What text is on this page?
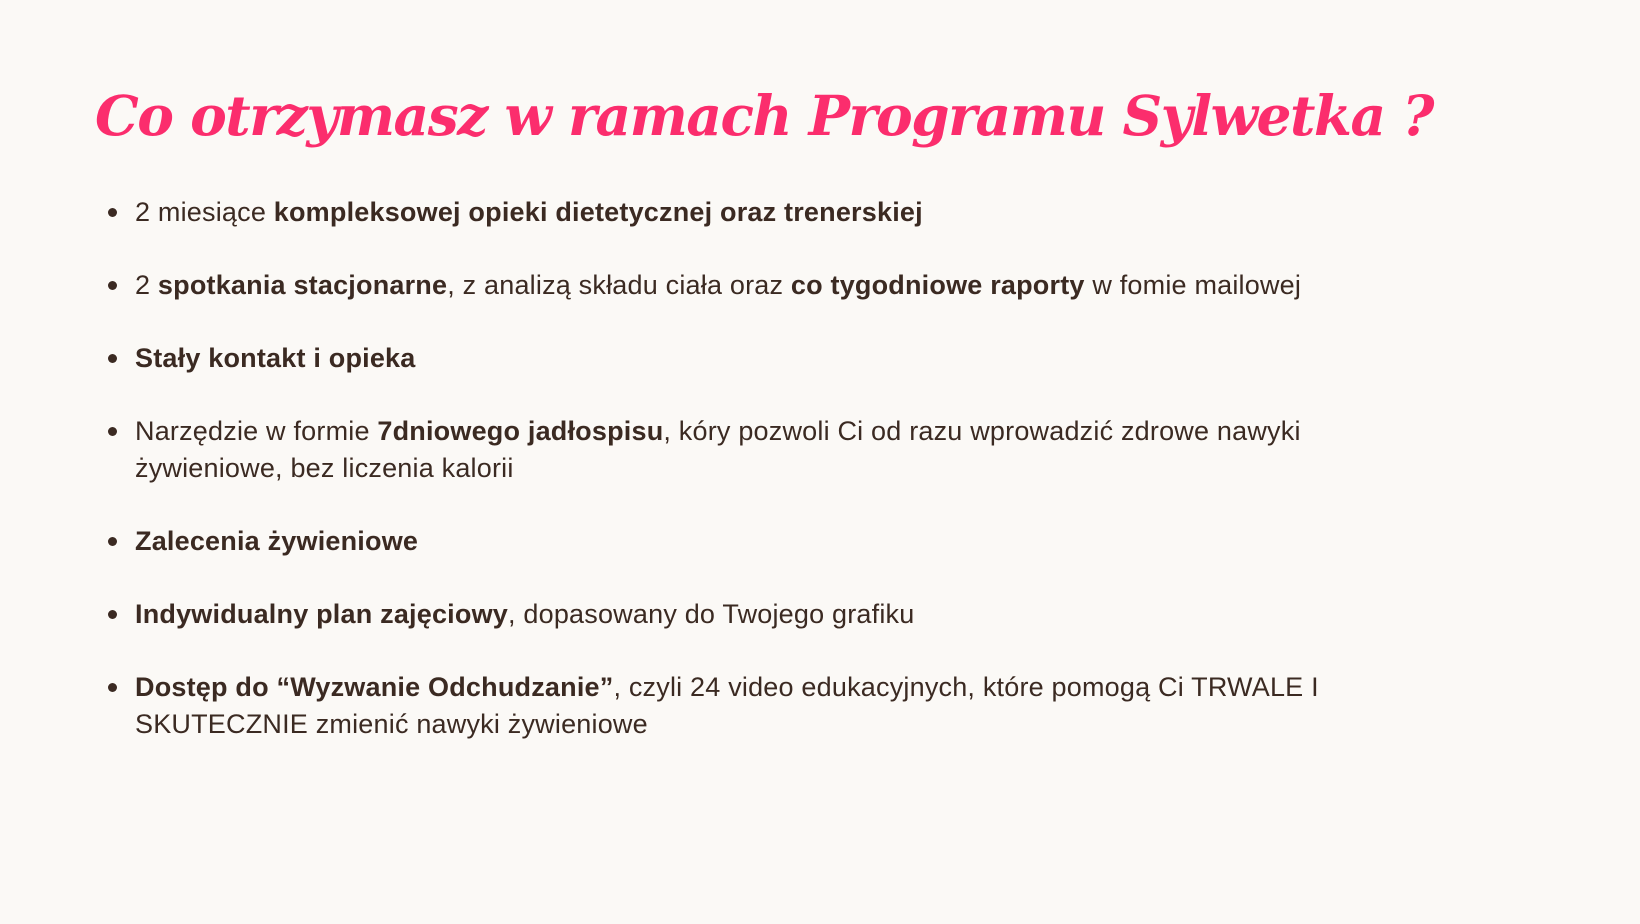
Co otrzymasz w ramach Programu Sylwetka ?
2 miesiące kompleksowej opieki dietetycznej oraz trenerskiej
2 spotkania stacjonarne, z analizą składu ciała oraz co tygodniowe raporty w fomie mailowej
Stały kontakt i opieka
Narzędzie w formie 7dniowego jadłospisu, kóry pozwoli Ci od razu wprowadzić zdrowe nawyki żywieniowe, bez liczenia kalorii
Zalecenia żywieniowe
Indywidualny plan zajęciowy, dopasowany do Twojego grafiku
Dostęp do “Wyzwanie Odchudzanie”, czyli 24 video edukacyjnych, które pomogą Ci TRWALE I SKUTECZNIE zmienić nawyki żywieniowe
